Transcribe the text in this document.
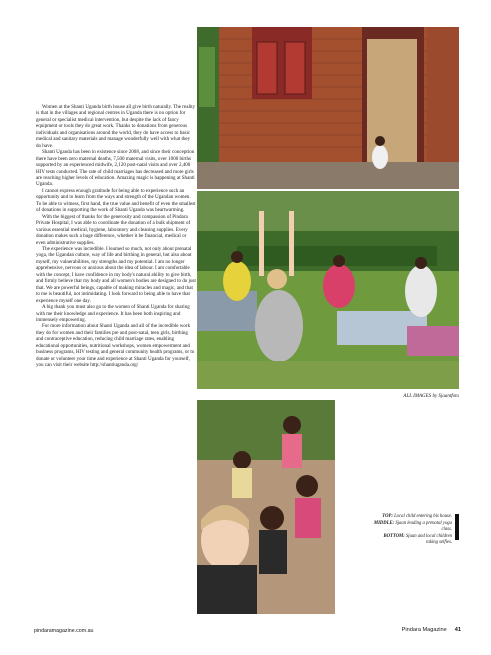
Women at the Shanti Uganda birth house all give birth naturally. The reality is that in the villages and regional centres in Uganda there is no option for general or specialist medical intervention, but despite the lack of fancy equipment or tools they do great work. Thanks to donations from generous individuals and organisations around the world, they do have access to basic medical and sanitary materials and manage wonderfully well with what they do have.

Shanti Uganda has been in existence since 2008, and since their conception there have been zero maternal deaths, 7,500 maternal visits, over 1000 births supported by an experienced midwife, 2,120 post-natal visits and over 2,400 HIV tests conducted. The rate of child marriages has decreased and more girls are reaching higher levels of education. Amazing magic is happening at Shanti Uganda.

I cannot express enough gratitude for being able to experience such an opportunity and to learn from the ways and strength of the Ugandan women. To be able to witness, first hand, the true value and benefit of even the smallest of donations in supporting the work of Shanti Uganda was heartwarming.

With the biggest of thanks for the generosity and compassion of Pindara Private Hospital, I was able to coordinate the donation of a bulk shipment of various essential medical, hygiene, laboratory and cleaning supplies. Every donation makes such a huge difference, whether it be financial, medical or even administrative supplies.

The experience was incredible. I learned so much, not only about prenatal yoga, the Ugandan culture, way of life and birthing in general, but also about myself, my vulnerabilities, my strengths and my potential. I am no longer apprehensive, nervous or anxious about the idea of labour. I am comfortable with the concept, I have confidence in my body's natural ability to give birth, and firmly believe that my body and all women's bodies are designed to do just that. We are powerful beings, capable of making miracles and magic, and that to me is beautiful, not intimidating. I look forward to being able to have that experience myself one day.

A big thank you must also go to the women of Shanti Uganda for sharing with me their knowledge and experience. It has been both inspiring and immensely empowering.

For more information about Shanti Uganda and all of the incredible work they do for women and their families pre and post-natal, teen girls, birthing and contraceptive education, reducing child marriage rates, enabling educational opportunities, nutritional workshops, women empowerment and business programs, HIV testing and general community health programs, or to donate or volunteer your time and experience at Shanti Uganda for yourself, you can visit their website http://shantiuganda.org/

ALL IMAGES by Sjaantfoto
TOP: Local child entering his house.
MIDDLE: Sjaan leading a prenatal yoga class.
BOTTOM: Sjaan and local children taking selfies.
pindaramagazine.com.au	Pindara Magazine 41
